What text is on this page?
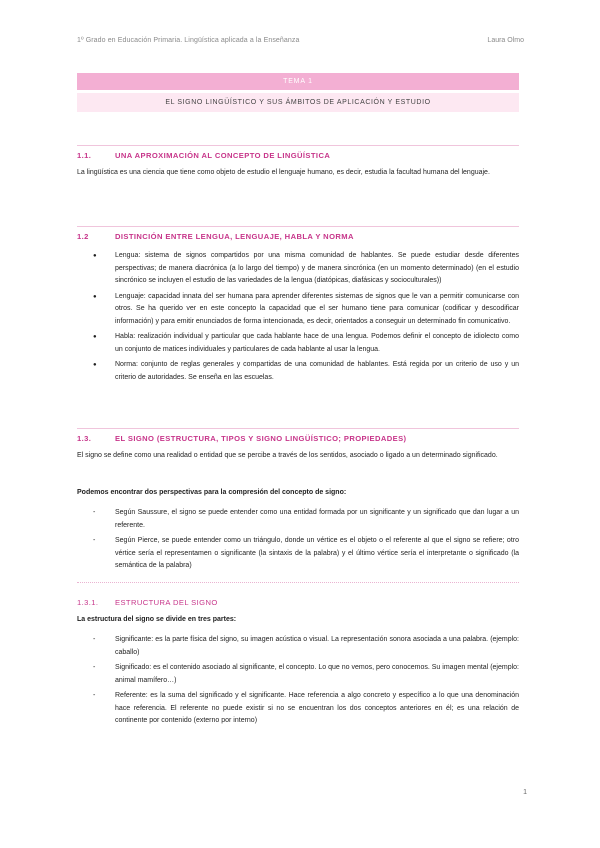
1º Grado en Educación Primaria. Lingüística aplicada a la Enseñanza	Laura Olmo
TEMA 1
EL SIGNO LINGÜÍSTICO Y SUS ÁMBITOS DE APLICACIÓN Y ESTUDIO
1.1.	UNA APROXIMACIÓN AL CONCEPTO DE LINGÜÍSTICA
La lingüística es una ciencia que tiene como objeto de estudio el lenguaje humano, es decir, estudia la facultad humana del lenguaje.
1.2	DISTINCIÓN ENTRE LENGUA, LENGUAJE, HABLA Y NORMA
●	Lengua: sistema de signos compartidos por una misma comunidad de hablantes. Se puede estudiar desde diferentes perspectivas; de manera diacrónica (a lo largo del tiempo) y de manera sincrónica (en un momento determinado) (en el estudio sincrónico se incluyen el estudio de las variedades de la lengua (diatópicas, diafásicas y socioculturales))
●	Lenguaje: capacidad innata del ser humana para aprender diferentes sistemas de signos que le van a permitir comunicarse con otros. Se ha querido ver en este concepto la capacidad que el ser humano tiene para comunicar (codificar y descodificar información) y para emitir enunciados de forma intencionada, es decir, orientados a conseguir un determinado fin comunicativo.
●	Habla: realización individual y particular que cada hablante hace de una lengua. Podemos definir el concepto de idiolecto como un conjunto de matices individuales y particulares de cada hablante al usar la lengua.
●	Norma: conjunto de reglas generales y compartidas de una comunidad de hablantes. Está regida por un criterio de uso y un criterio de autoridades. Se enseña en las escuelas.
1.3.	EL SIGNO (ESTRUCTURA, TIPOS Y SIGNO LINGÜÍSTICO; PROPIEDADES)
El signo se define como una realidad o entidad que se percibe a través de los sentidos, asociado o ligado a un determinado significado.
Podemos encontrar dos perspectivas para la compresión del concepto de signo:
-	Según Saussure, el signo se puede entender como una entidad formada por un significante y un significado que dan lugar a un referente.
-	Según Pierce, se puede entender como un triángulo, donde un vértice es el objeto o el referente al que el signo se refiere; otro vértice sería el representamen o significante (la sintaxis de la palabra) y el último vértice sería el interpretante o significado (la semántica de la palabra)
1.3.1. ESTRUCTURA DEL SIGNO
La estructura del signo se divide en tres partes:
-	Significante: es la parte física del signo, su imagen acústica o visual. La representación sonora asociada a una palabra. (ejemplo: caballo)
-	Significado: es el contenido asociado al significante, el concepto. Lo que no vemos, pero conocemos. Su imagen mental (ejemplo: animal mamífero…)
-	Referente: es la suma del significado y el significante. Hace referencia a algo concreto y específico a lo que una denominación hace referencia. El referente no puede existir si no se encuentran los dos conceptos anteriores en él; es una relación de continente por contenido (externo por interno)
1
